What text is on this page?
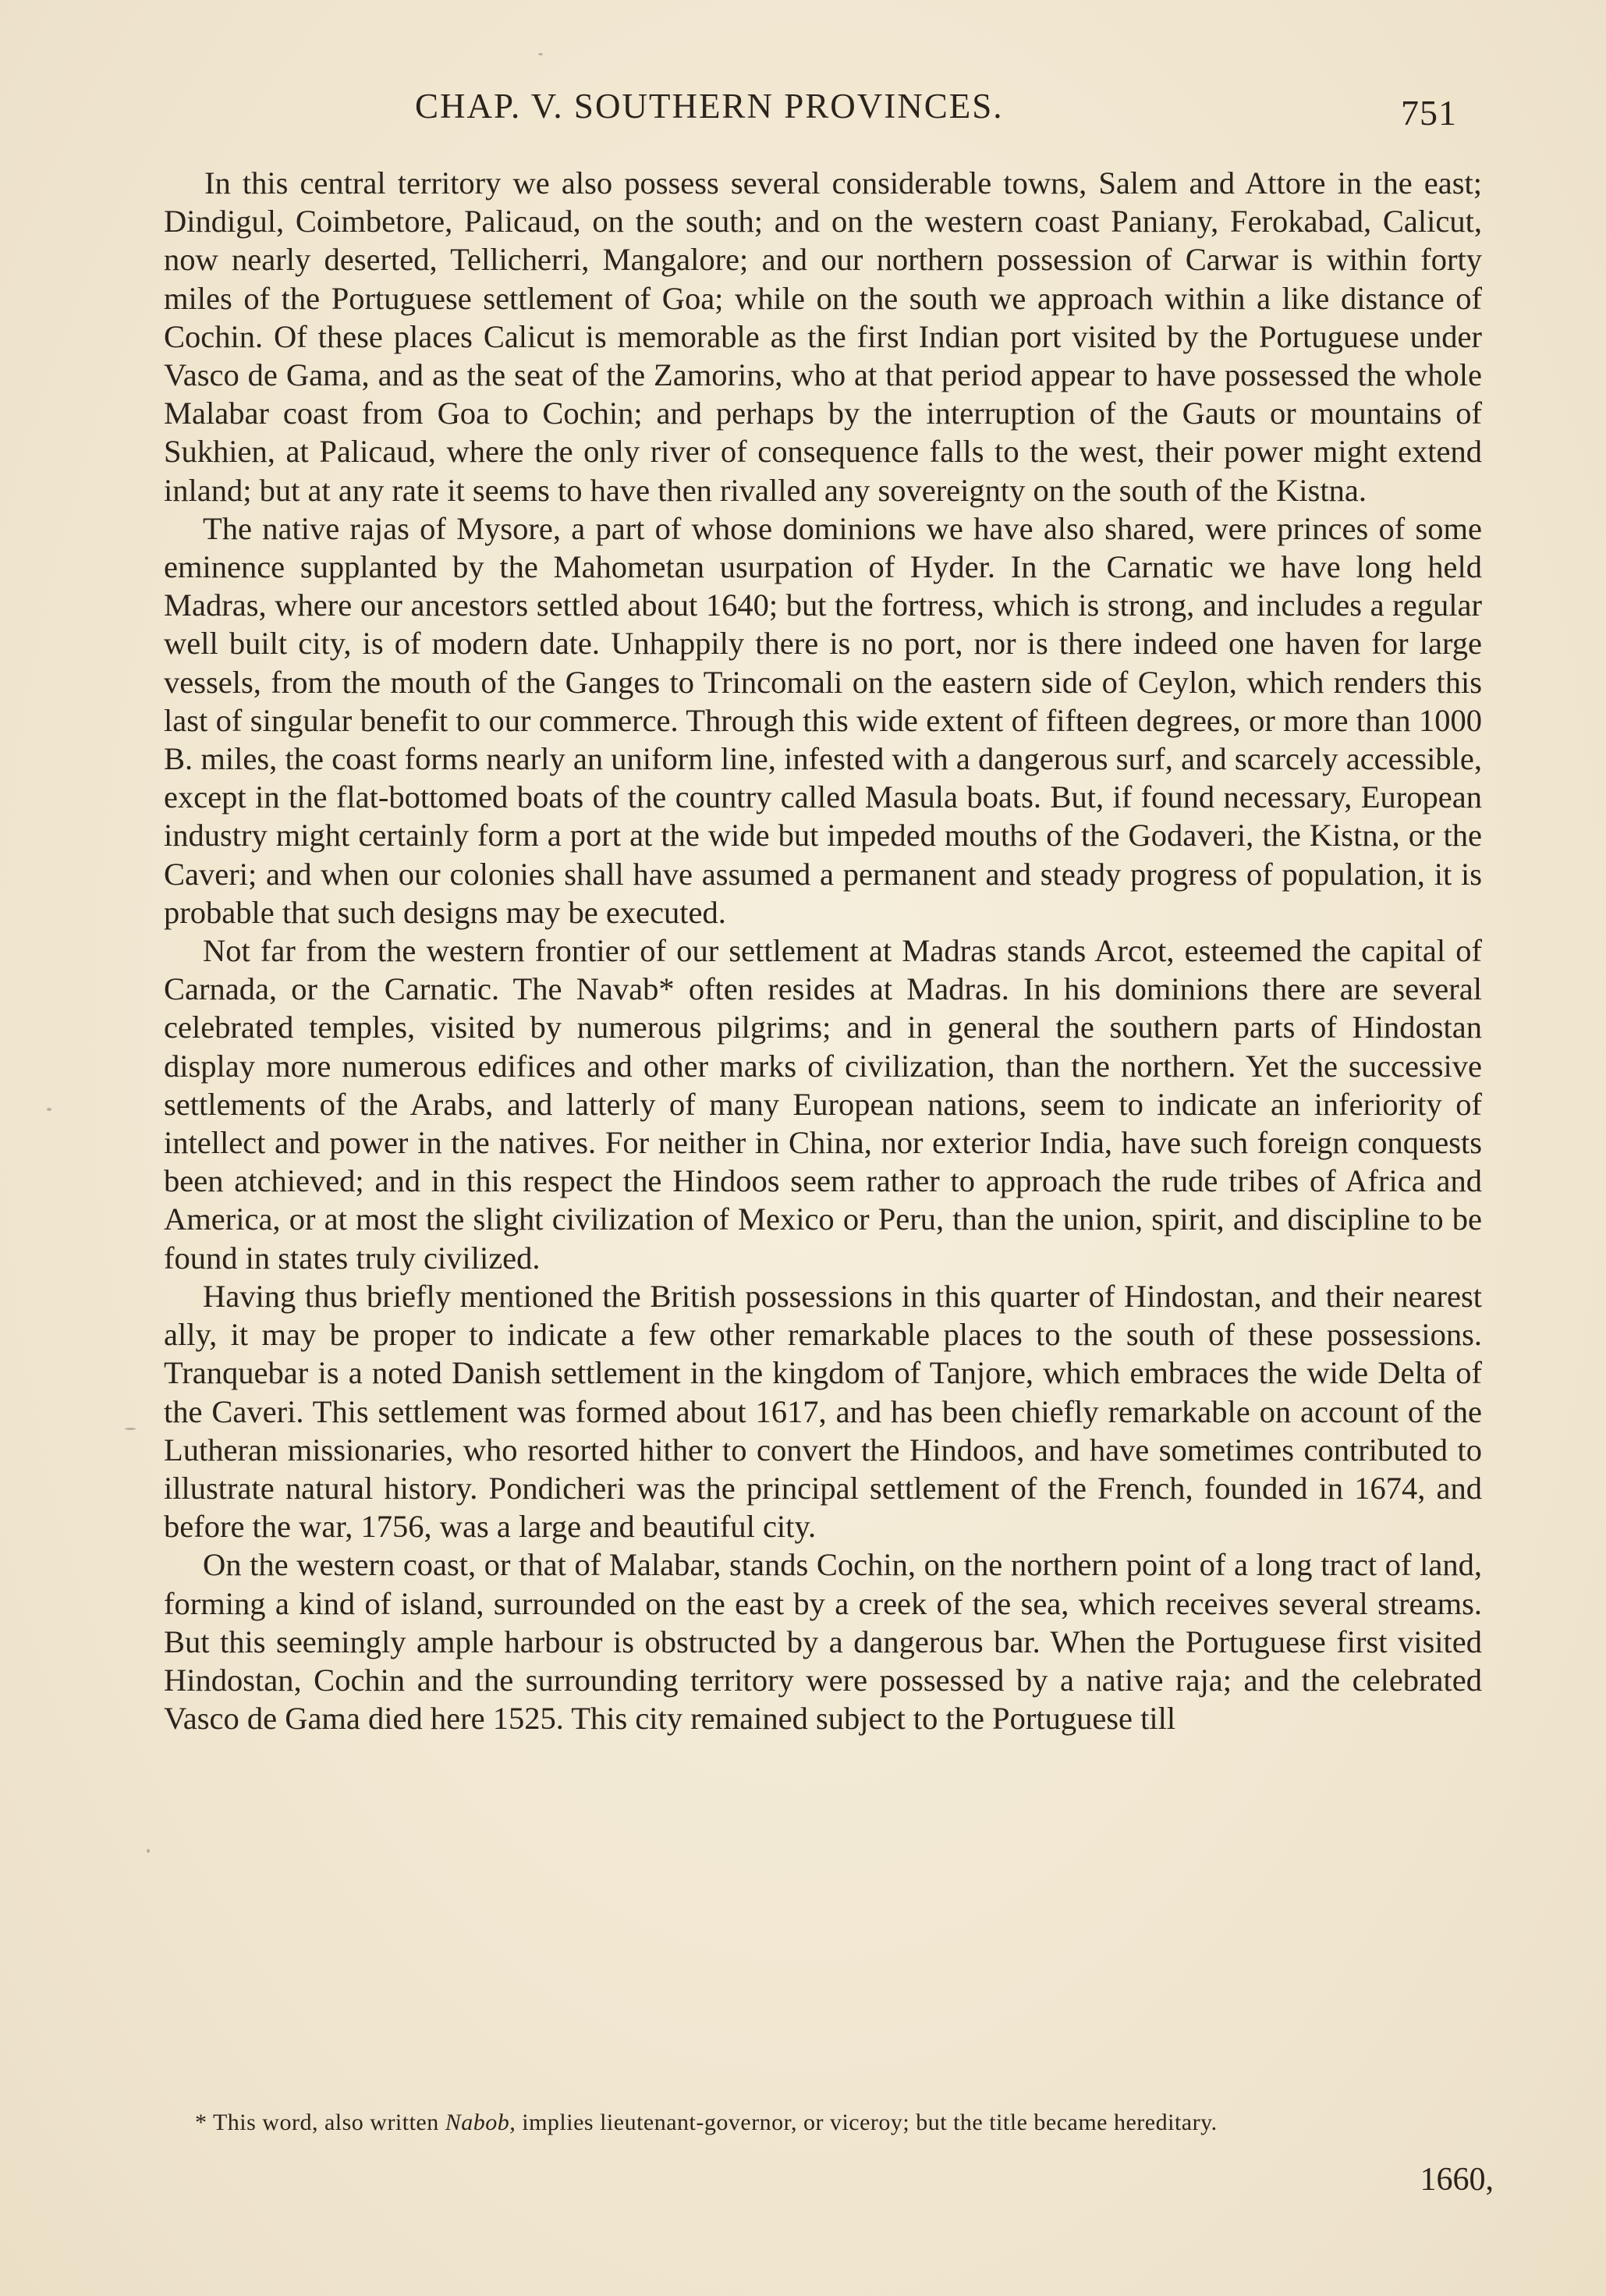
CHAP. V. SOUTHERN PROVINCES.	751

In this central territory we also possess several considerable towns, Salem and Attore in the east; Dindigul, Coimbetore, Palicaud, on the south; and on the western coast Paniany, Ferokabad, Calicut, now nearly deserted, Tellicherri, Mangalore; and our northern possession of Carwar is within forty miles of the Portuguese settlement of Goa; while on the south we approach within a like distance of Cochin. Of these places Calicut is memorable as the first Indian port visited by the Portuguese under Vasco de Gama, and as the seat of the Zamorins, who at that period appear to have possessed the whole Malabar coast from Goa to Cochin; and perhaps by the interruption of the Gauts or mountains of Sukhien, at Palicaud, where the only river of consequence falls to the west, their power might extend inland; but at any rate it seems to have then rivalled any sovereignty on the south of the Kistna.

The native rajas of Mysore, a part of whose dominions we have also shared, were princes of some eminence supplanted by the Mahometan usurpation of Hyder. In the Carnatic we have long held Madras, where our ancestors settled about 1640; but the fortress, which is strong, and includes a regular well built city, is of modern date. Unhappily there is no port, nor is there indeed one haven for large vessels, from the mouth of the Ganges to Trincomali on the eastern side of Ceylon, which renders this last of singular benefit to our commerce. Through this wide extent of fifteen degrees, or more than 1000 B. miles, the coast forms nearly an uniform line, infested with a dangerous surf, and scarcely accessible, except in the flat-bottomed boats of the country called Masula boats. But, if found necessary, European industry might certainly form a port at the wide but impeded mouths of the Godaveri, the Kistna, or the Caveri; and when our colonies shall have assumed a permanent and steady progress of population, it is probable that such designs may be executed.

Not far from the western frontier of our settlement at Madras stands Arcot, esteemed the capital of Carnada, or the Carnatic. The Navab* often resides at Madras. In his dominions there are several celebrated temples, visited by numerous pilgrims; and in general the southern parts of Hindostan display more numerous edifices and other marks of civilization, than the northern. Yet the successive settlements of the Arabs, and latterly of many European nations, seem to indicate an inferiority of intellect and power in the natives. For neither in China, nor exterior India, have such foreign conquests been atchieved; and in this respect the Hindoos seem rather to approach the rude tribes of Africa and America, or at most the slight civilization of Mexico or Peru, than the union, spirit, and discipline to be found in states truly civilized.

Having thus briefly mentioned the British possessions in this quarter of Hindostan, and their nearest ally, it may be proper to indicate a few other remarkable places to the south of these possessions. Tranquebar is a noted Danish settlement in the kingdom of Tanjore, which embraces the wide Delta of the Caveri. This settlement was formed about 1617, and has been chiefly remarkable on account of the Lutheran missionaries, who resorted hither to convert the Hindoos, and have sometimes contributed to illustrate natural history. Pondicheri was the principal settlement of the French, founded in 1674, and before the war, 1756, was a large and beautiful city.

On the western coast, or that of Malabar, stands Cochin, on the northern point of a long tract of land, forming a kind of island, surrounded on the east by a creek of the sea, which receives several streams. But this seemingly ample harbour is obstructed by a dangerous bar. When the Portuguese first visited Hindostan, Cochin and the surrounding territory were possessed by a native raja; and the celebrated Vasco de Gama died here 1525. This city remained subject to the Portuguese till

* This word, also written Nabob, implies lieutenant-governor, or viceroy; but the title became hereditary.
1660,
